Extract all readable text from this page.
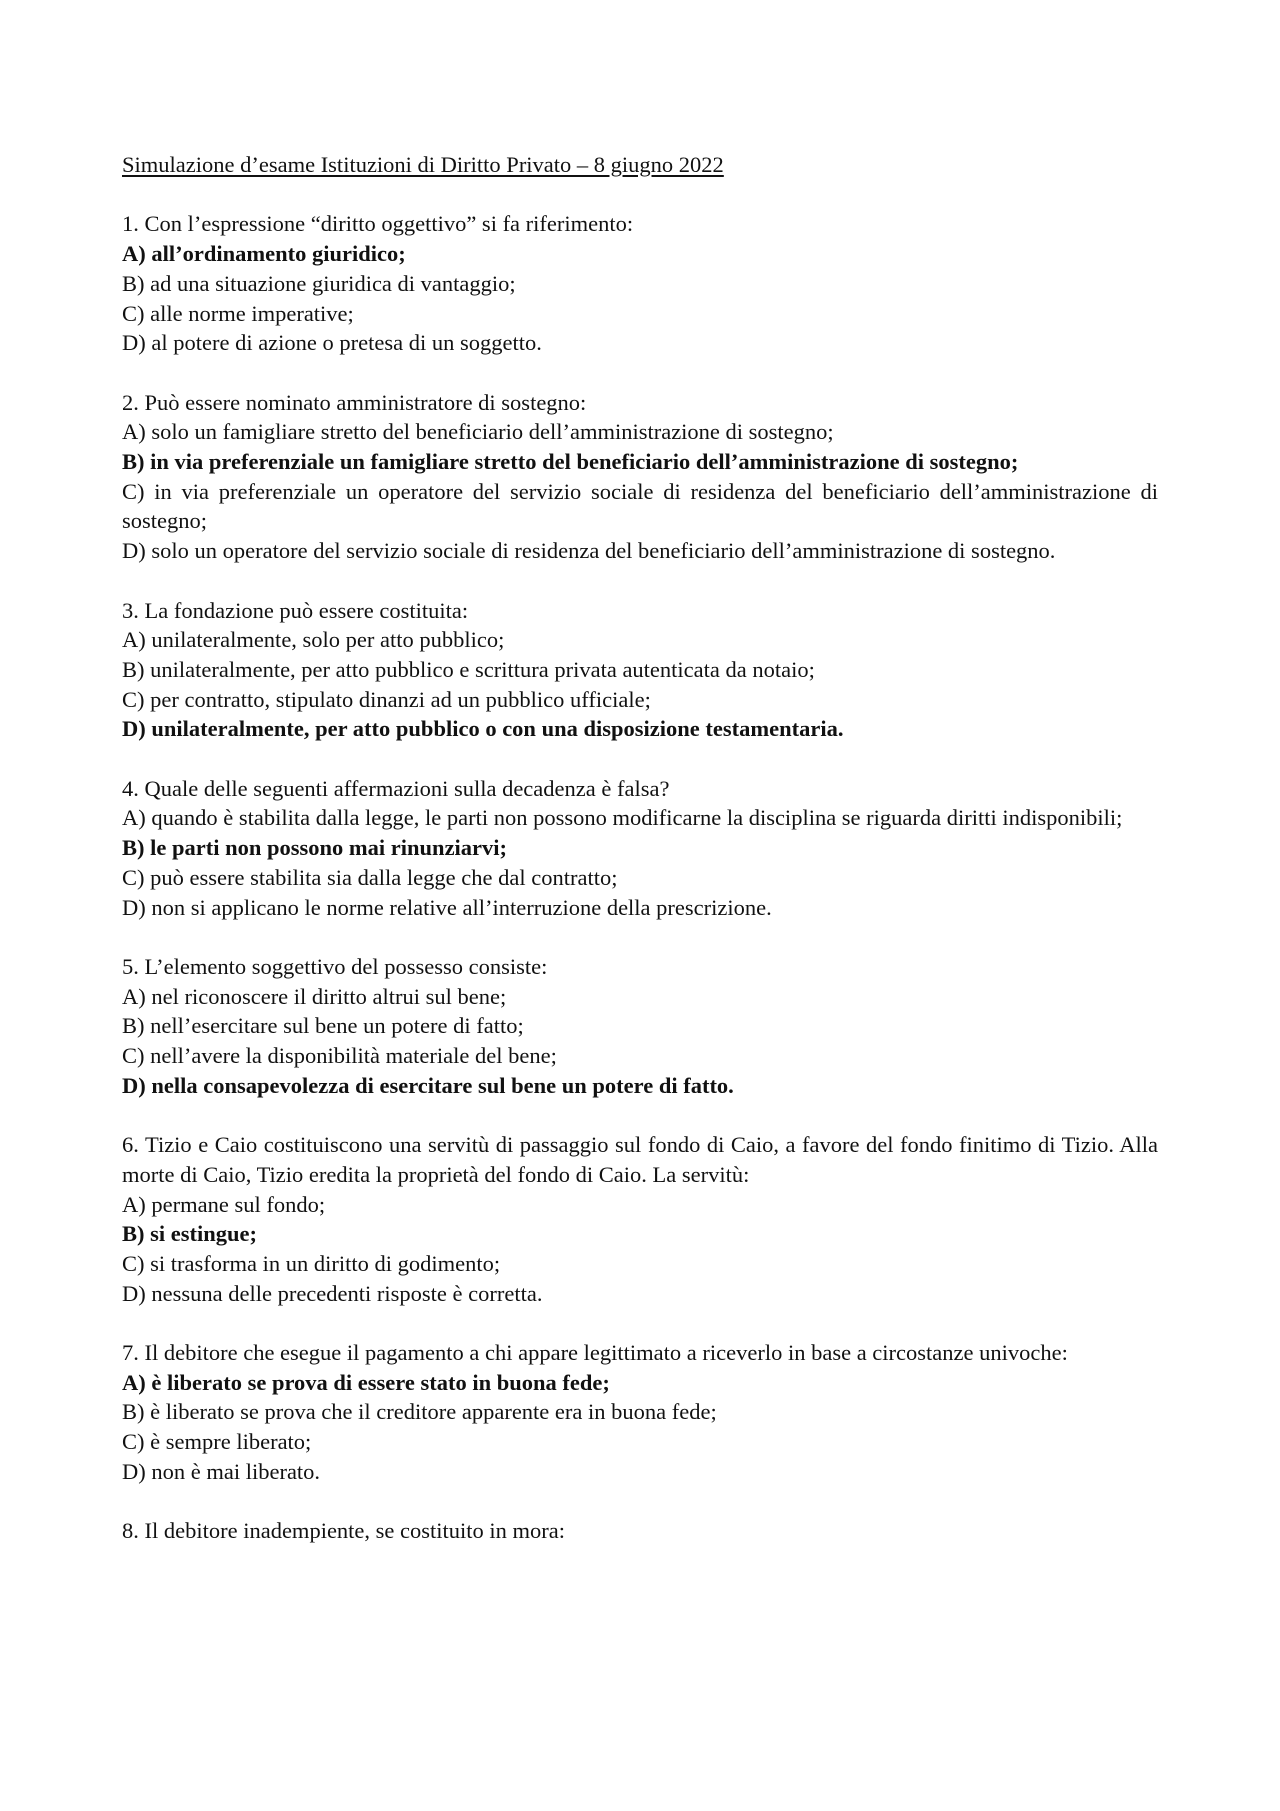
Simulazione d’esame Istituzioni di Diritto Privato – 8 giugno 2022
1. Con l’espressione “diritto oggettivo” si fa riferimento:
A) all’ordinamento giuridico;
B) ad una situazione giuridica di vantaggio;
C) alle norme imperative;
D) al potere di azione o pretesa di un soggetto.
2. Può essere nominato amministratore di sostegno:
A) solo un famigliare stretto del beneficiario dell’amministrazione di sostegno;
B) in via preferenziale un famigliare stretto del beneficiario dell’amministrazione di sostegno;
C) in via preferenziale un operatore del servizio sociale di residenza del beneficiario dell’amministrazione di sostegno;
D) solo un operatore del servizio sociale di residenza del beneficiario dell’amministrazione di sostegno.
3. La fondazione può essere costituita:
A) unilateralmente, solo per atto pubblico;
B) unilateralmente, per atto pubblico e scrittura privata autenticata da notaio;
C) per contratto, stipulato dinanzi ad un pubblico ufficiale;
D) unilateralmente, per atto pubblico o con una disposizione testamentaria.
4. Quale delle seguenti affermazioni sulla decadenza è falsa?
A) quando è stabilita dalla legge, le parti non possono modificarne la disciplina se riguarda diritti indisponibili;
B) le parti non possono mai rinunziarvi;
C) può essere stabilita sia dalla legge che dal contratto;
D) non si applicano le norme relative all’interruzione della prescrizione.
5. L’elemento soggettivo del possesso consiste:
A) nel riconoscere il diritto altrui sul bene;
B) nell’esercitare sul bene un potere di fatto;
C) nell’avere la disponibilità materiale del bene;
D) nella consapevolezza di esercitare sul bene un potere di fatto.
6. Tizio e Caio costituiscono una servitù di passaggio sul fondo di Caio, a favore del fondo finitimo di Tizio. Alla morte di Caio, Tizio eredita la proprietà del fondo di Caio. La servitù:
A) permane sul fondo;
B) si estingue;
C) si trasforma in un diritto di godimento;
D) nessuna delle precedenti risposte è corretta.
7. Il debitore che esegue il pagamento a chi appare legittimato a riceverlo in base a circostanze univoche:
A) è liberato se prova di essere stato in buona fede;
B) è liberato se prova che il creditore apparente era in buona fede;
C) è sempre liberato;
D) non è mai liberato.
8. Il debitore inadempiente, se costituito in mora:
